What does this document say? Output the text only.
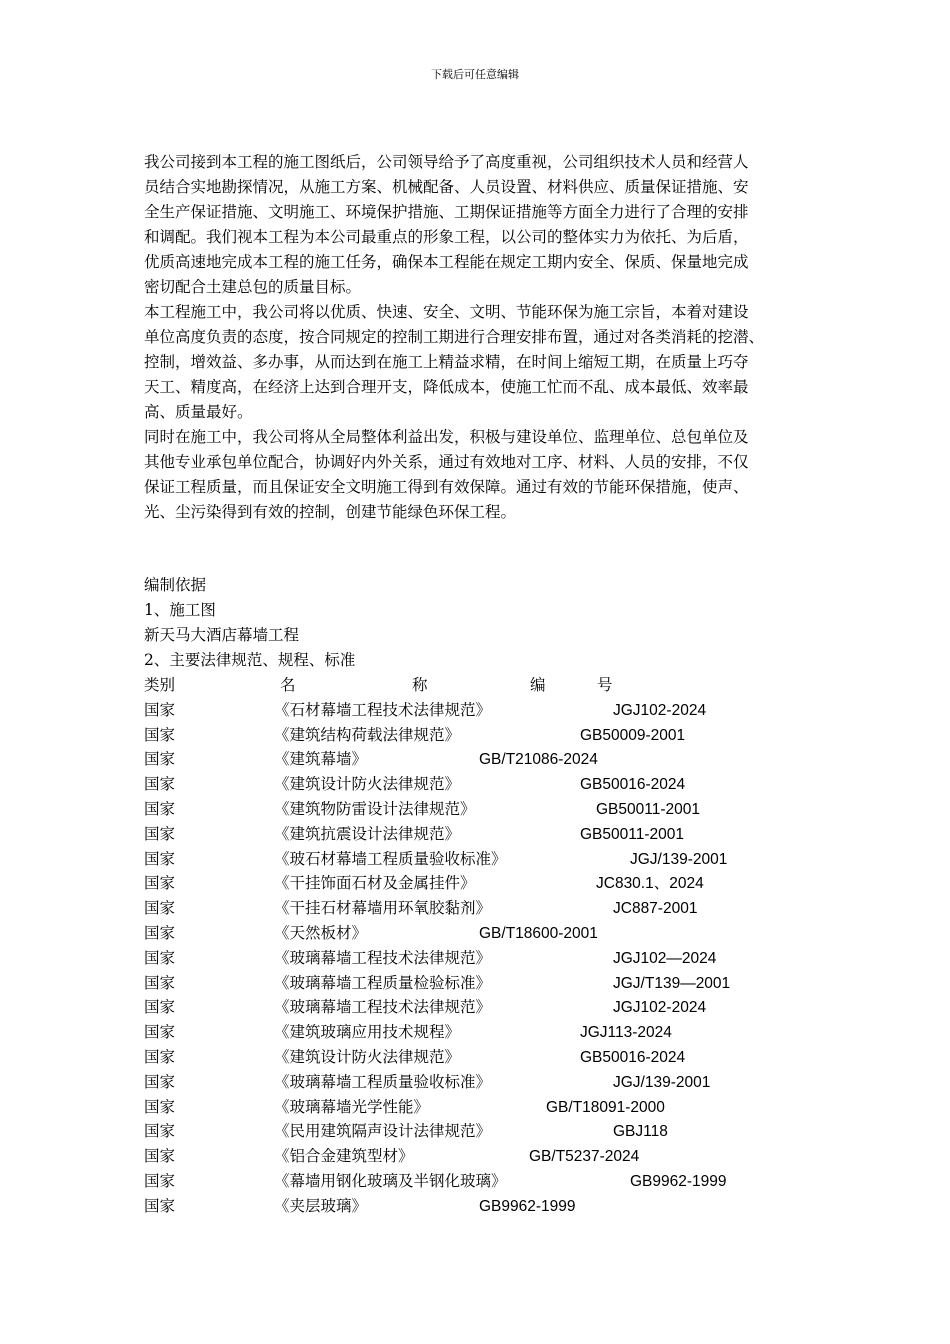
下载后可任意编辑
我公司接到本工程的施工图纸后，公司领导给予了高度重视，公司组织技术人员和经营人
员结合实地勘探情况，从施工方案、机械配备、人员设置、材料供应、质量保证措施、安
全生产保证措施、文明施工、环境保护措施、工期保证措施等方面全力进行了合理的安排
和调配。我们视本工程为本公司最重点的形象工程，以公司的整体实力为依托、为后盾，
优质高速地完成本工程的施工任务，确保本工程能在规定工期内安全、保质、保量地完成
密切配合土建总包的质量目标。
本工程施工中，我公司将以优质、快速、安全、文明、节能环保为施工宗旨，本着对建设
单位高度负责的态度，按合同规定的控制工期进行合理安排布置，通过对各类消耗的挖潜、
控制，增效益、多办事，从而达到在施工上精益求精，在时间上缩短工期，在质量上巧夺
天工、精度高，在经济上达到合理开支，降低成本，使施工忙而不乱、成本最低、效率最
高、质量最好。
同时在施工中，我公司将从全局整体利益出发，积极与建设单位、监理单位、总包单位及
其他专业承包单位配合，协调好内外关系，通过有效地对工序、材料、人员的安排，不仅
保证工程质量，而且保证安全文明施工得到有效保障。通过有效的节能环保措施，使声、
光、尘污染得到有效的控制，创建节能绿色环保工程。
编制依据
1、施工图
新天马大酒店幕墙工程
2、主要法律规范、规程、标准
类别	名	称	编	号
国家	《石材幕墙工程技术法律规范》	JGJ102-2024
国家	《建筑结构荷载法律规范》	GB50009-2001
国家	《建筑幕墙》	GB/T21086-2024
国家	《建筑设计防火法律规范》	GB50016-2024
国家	《建筑物防雷设计法律规范》	GB50011-2001
国家	《建筑抗震设计法律规范》	GB50011-2001
国家	《玻石材幕墙工程质量验收标准》	JGJ/139-2001
国家	《干挂饰面石材及金属挂件》	JC830.1、2024
国家	《干挂石材幕墙用环氧胶黏剂》	JC887-2001
国家	《天然板材》	GB/T18600-2001
国家	《玻璃幕墙工程技术法律规范》	JGJ102—2024
国家	《玻璃幕墙工程质量检验标准》	JGJ/T139—2001
国家	《玻璃幕墙工程技术法律规范》	JGJ102-2024
国家	《建筑玻璃应用技术规程》	JGJ113-2024
国家	《建筑设计防火法律规范》	GB50016-2024
国家	《玻璃幕墙工程质量验收标准》	JGJ/139-2001
国家	《玻璃幕墙光学性能》	GB/T18091-2000
国家	《民用建筑隔声设计法律规范》	GBJ118
国家	《铝合金建筑型材》	GB/T5237-2024
国家	《幕墙用钢化玻璃及半钢化玻璃》	GB9962-1999
国家	《夹层玻璃》	GB9962-1999
